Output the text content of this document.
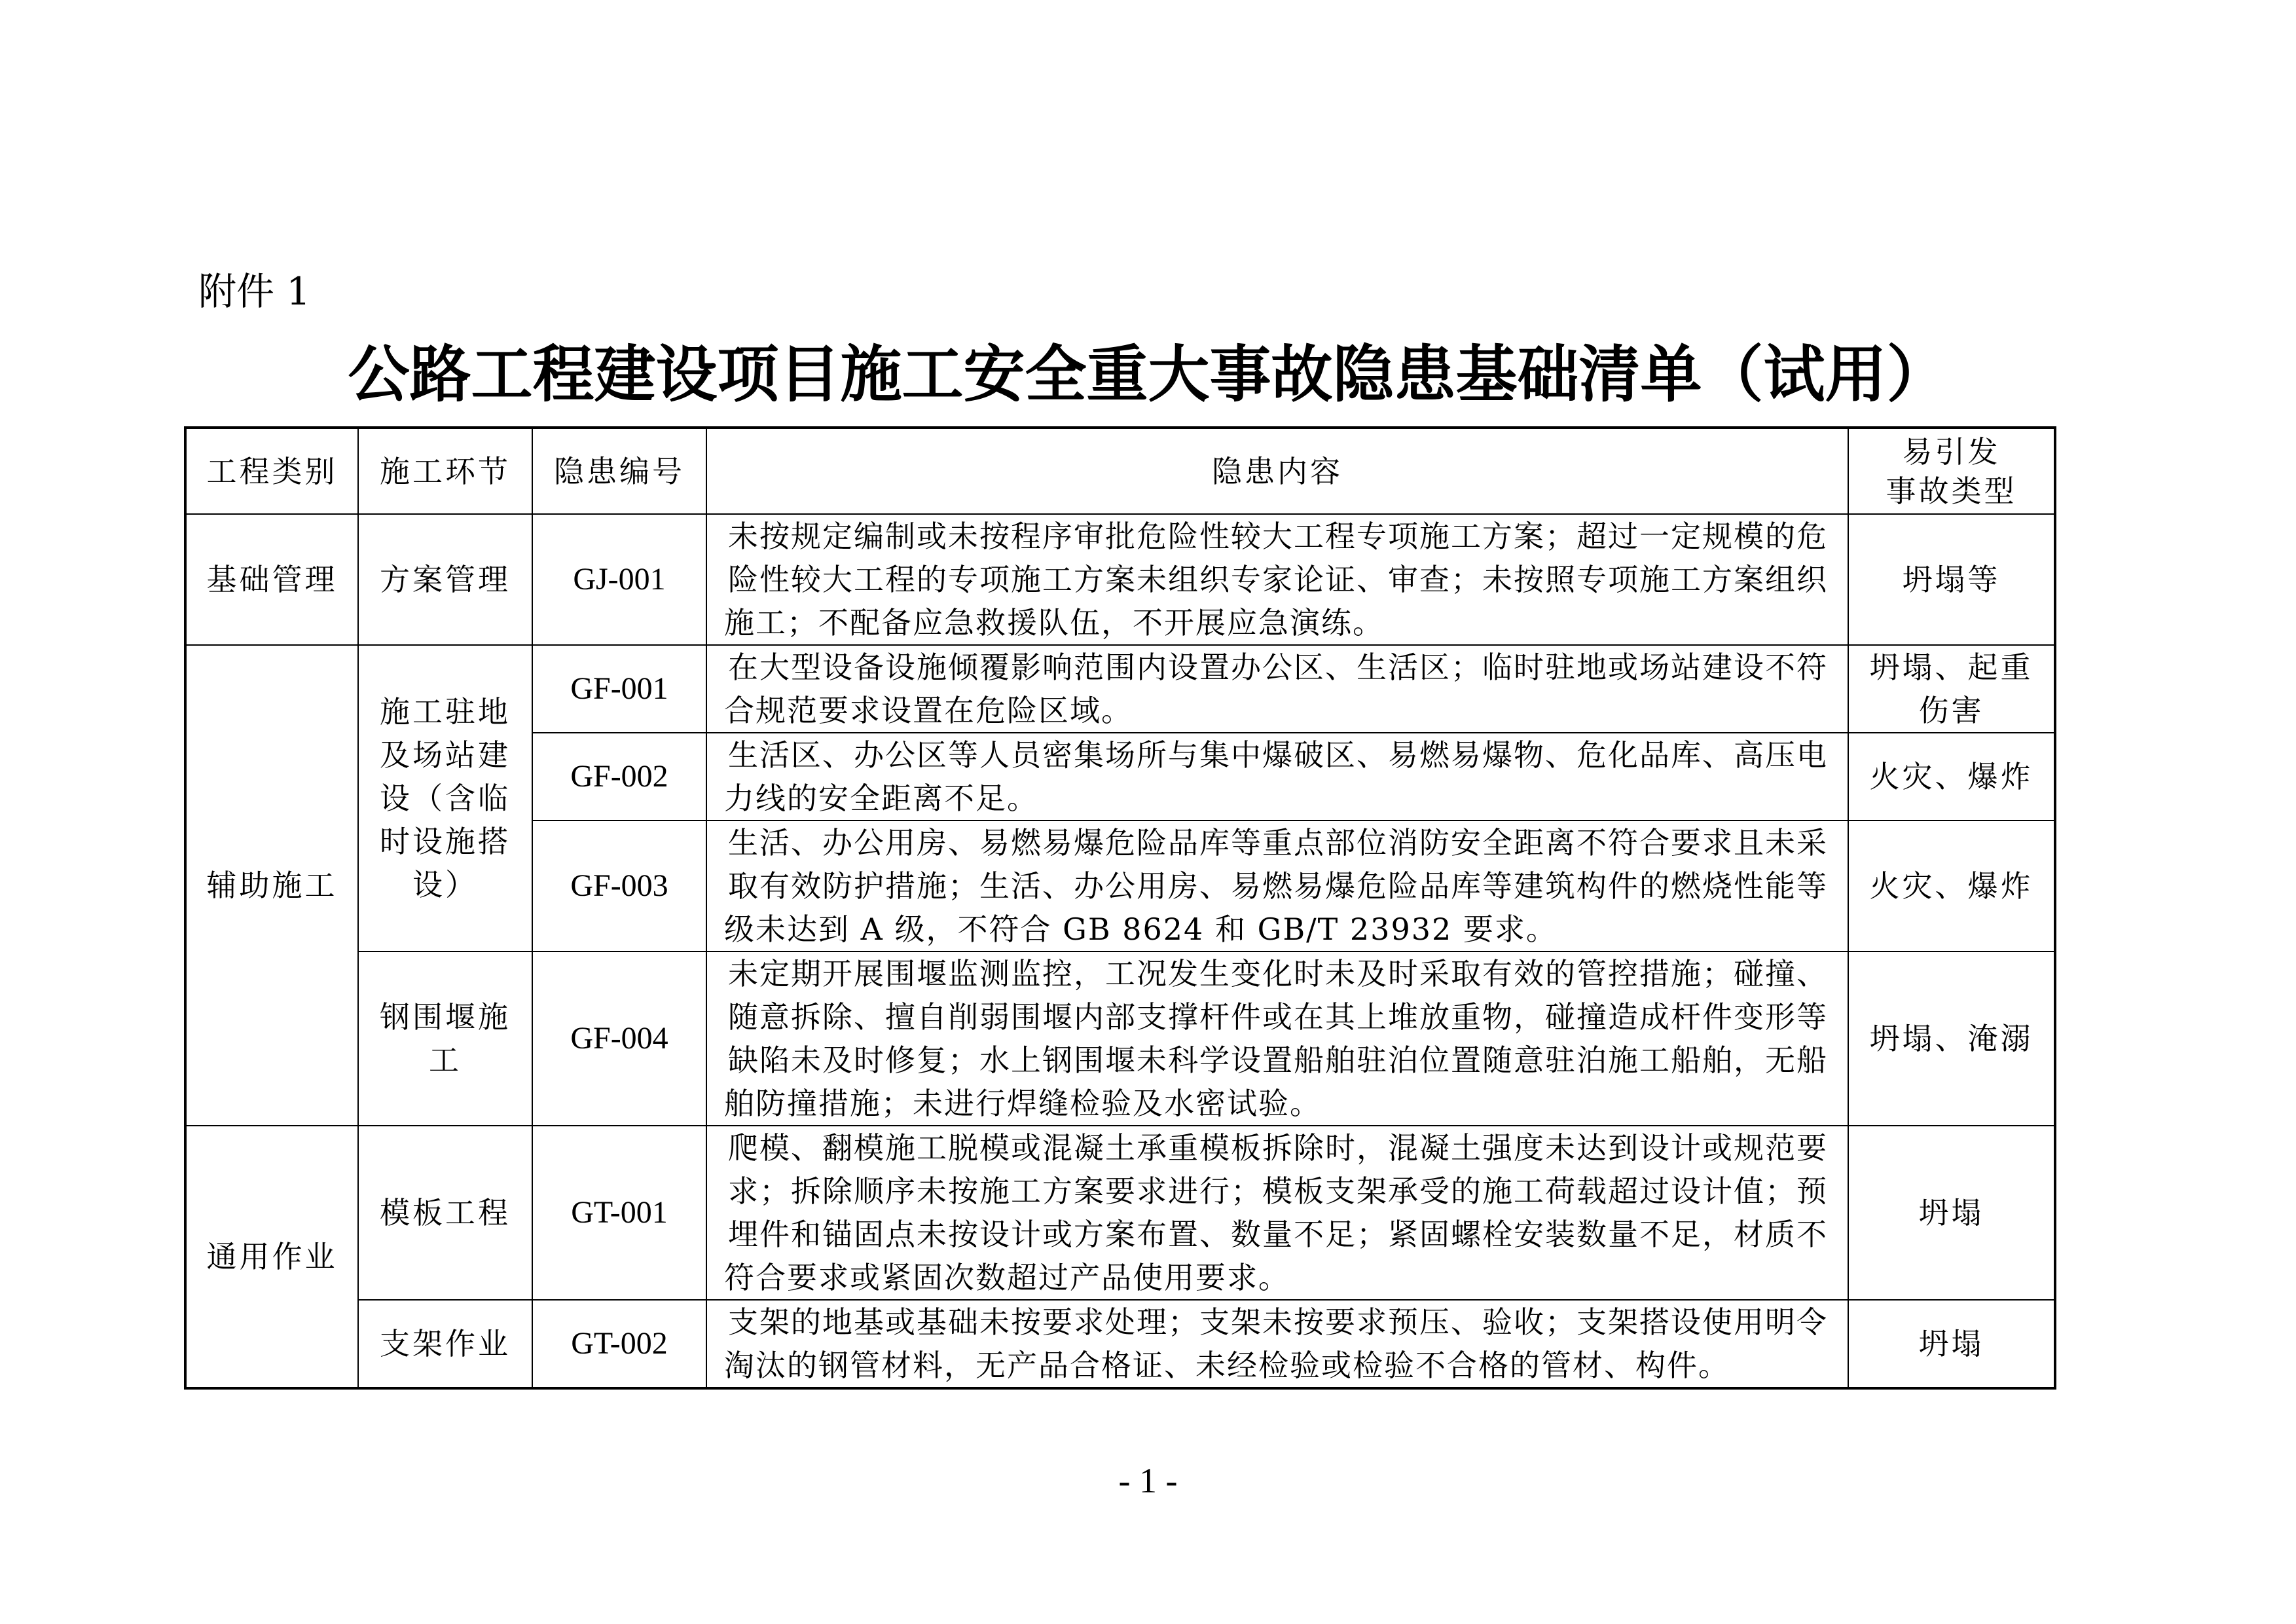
附件 1
公路工程建设项目施工安全重大事故隐患基础清单（试用）
工程类别	施工环节	隐患编号	隐患内容	易引发
事故类型
基础管理	方案管理	GJ-001	未按规定编制或未按程序审批危险性较大工程专项施工方案；超过一定规模的危险性较大工程的专项施工方案未组织专家论证、审查；未按照专项施工方案组织施工；不配备应急救援队伍，不开展应急演练。	坍塌等
辅助施工	施工驻地及场站建设（含临时设施搭设）	GF-001	在大型设备设施倾覆影响范围内设置办公区、生活区；临时驻地或场站建设不符合规范要求设置在危险区域。	坍塌、起重伤害
		GF-002	生活区、办公区等人员密集场所与集中爆破区、易燃易爆物、危化品库、高压电力线的安全距离不足。	火灾、爆炸
		GF-003	生活、办公用房、易燃易爆危险品库等重点部位消防安全距离不符合要求且未采取有效防护措施；生活、办公用房、易燃易爆危险品库等建筑构件的燃烧性能等级未达到 A 级，不符合 GB 8624 和 GB/T 23932 要求。	火灾、爆炸
	钢围堰施工	GF-004	未定期开展围堰监测监控，工况发生变化时未及时采取有效的管控措施；碰撞、随意拆除、擅自削弱围堰内部支撑杆件或在其上堆放重物，碰撞造成杆件变形等缺陷未及时修复；水上钢围堰未科学设置船舶驻泊位置随意驻泊施工船舶，无船舶防撞措施；未进行焊缝检验及水密试验。	坍塌、淹溺
通用作业	模板工程	GT-001	爬模、翻模施工脱模或混凝土承重模板拆除时，混凝土强度未达到设计或规范要求；拆除顺序未按施工方案要求进行；模板支架承受的施工荷载超过设计值；预埋件和锚固点未按设计或方案布置、数量不足；紧固螺栓安装数量不足，材质不符合要求或紧固次数超过产品使用要求。	坍塌
	支架作业	GT-002	支架的地基或基础未按要求处理；支架未按要求预压、验收；支架搭设使用明令淘汰的钢管材料，无产品合格证、未经检验或检验不合格的管材、构件。	坍塌
- 1 -
